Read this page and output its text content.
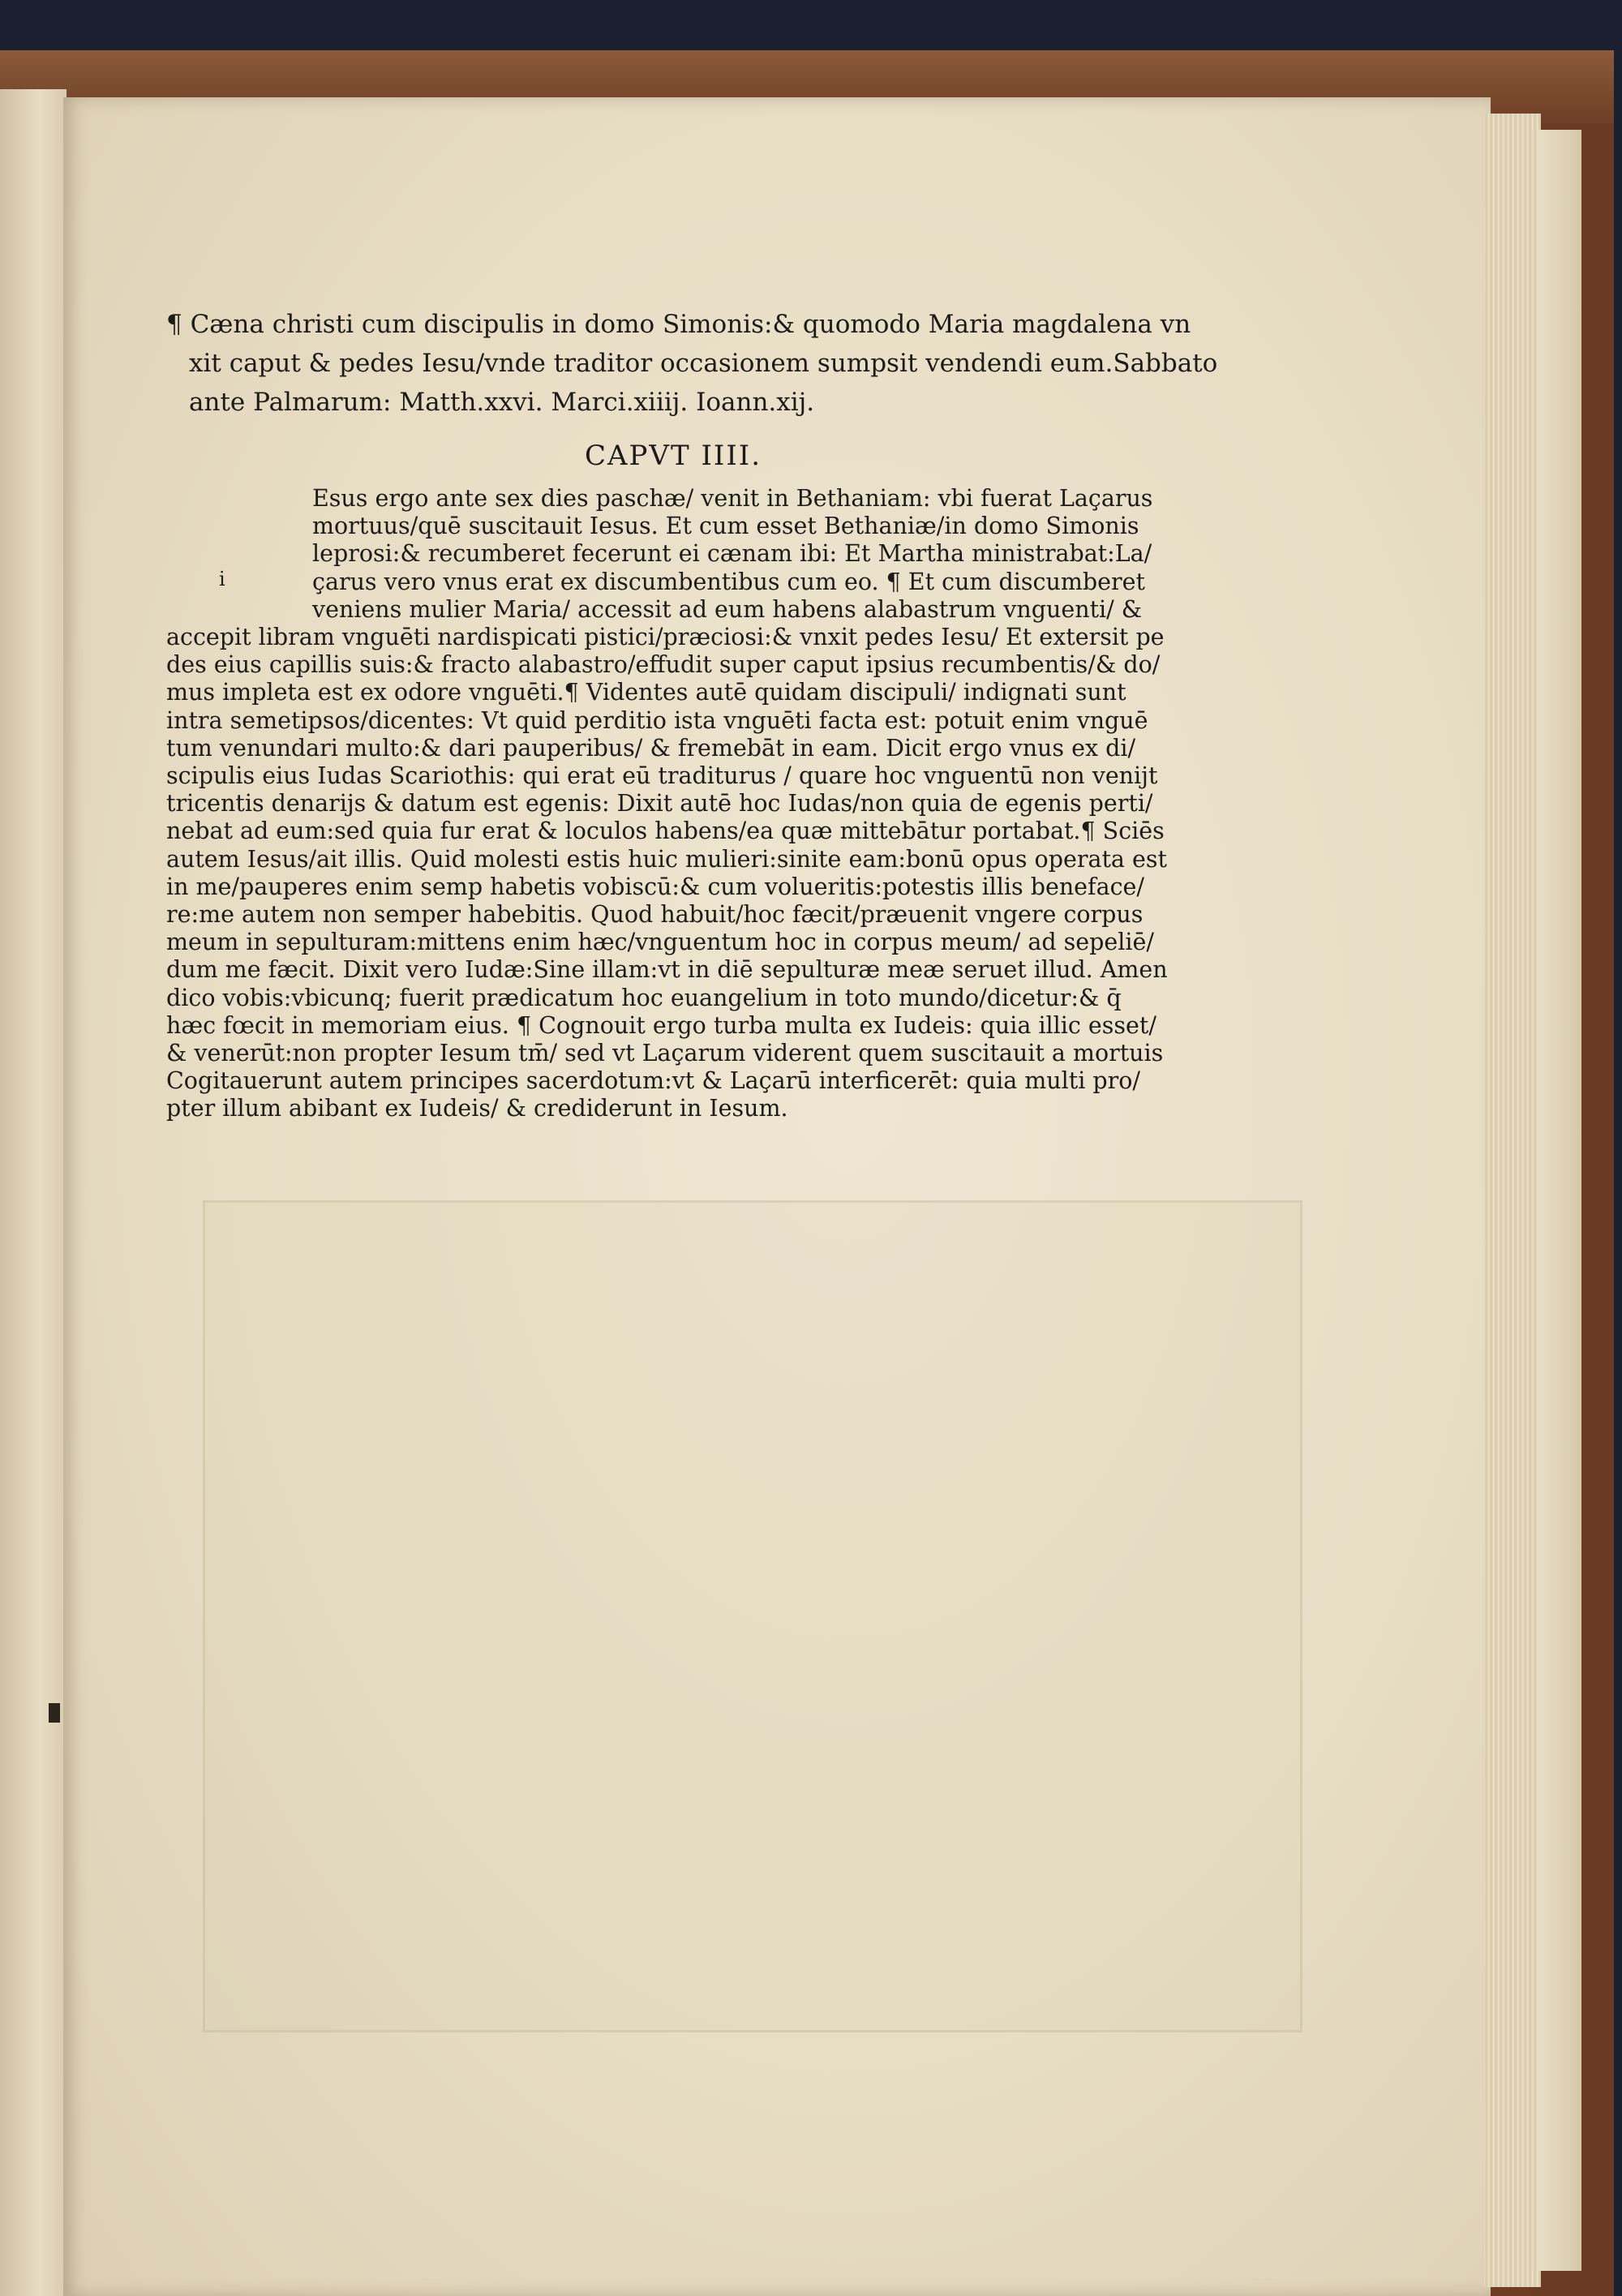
i
¶ Cæna christi cum discipulis in domo Simonis:& quomodo Maria magdalena vn
xit caput & pedes Iesu/vnde traditor occasionem sumpsit vendendi eum.Sabbato
ante Palmarum: Matth.xxvi. Marci.xiiij. Ioann.xij.
CAPVT IIII.
Esus ergo ante sex dies paschæ/ venit in Bethaniam: vbi fuerat Laçarus
mortuus/quē suscitauit Iesus. Et cum esset Bethaniæ/in domo Simonis
leprosi:& recumberet fecerunt ei cænam ibi: Et Martha ministrabat:La/
çarus vero vnus erat ex discumbentibus cum eo. ¶ Et cum discumberet
veniens mulier Maria/ accessit ad eum habens alabastrum vnguenti/ &
accepit libram vnguēti nardispicati pistici/præciosi:& vnxit pedes Iesu/ Et extersit pe
des eius capillis suis:& fracto alabastro/effudit super caput ipsius recumbentis/& do/
mus impleta est ex odore vnguēti.¶ Videntes autē quidam discipuli/ indignati sunt
intra semetipsos/dicentes: Vt quid perditio ista vnguēti facta est: potuit enim vnguē
tum venundari multo:& dari pauperibus/ & fremebāt in eam. Dicit ergo vnus ex di/
scipulis eius Iudas Scariothis: qui erat eū traditurus / quare hoc vnguentū non venijt
tricentis denarijs & datum est egenis: Dixit autē hoc Iudas/non quia de egenis perti/
nebat ad eum:sed quia fur erat & loculos habens/ea quæ mittebātur portabat.¶ Sciēs
autem Iesus/ait illis. Quid molesti estis huic mulieri:sinite eam:bonū opus operata est
in me/pauperes enim semp habetis vobiscū:& cum volueritis:potestis illis beneface/
re:me autem non semper habebitis. Quod habuit/hoc fæcit/præuenit vngere corpus
meum in sepulturam:mittens enim hæc/vnguentum hoc in corpus meum/ ad sepeliē/
dum me fæcit. Dixit vero Iudæ:Sine illam:vt in diē sepulturæ meæ seruet illud. Amen
dico vobis:vbicunq; fuerit prædicatum hoc euangelium in toto mundo/dicetur:& q̄
hæc fœcit in memoriam eius. ¶ Cognouit ergo turba multa ex Iudeis: quia illic esset/
& venerūt:non propter Iesum tm̄/ sed vt Laçarum viderent quem suscitauit a mortuis
Cogitauerunt autem principes sacerdotum:vt & Laçarū interficerēt: quia multi pro/
pter illum abibant ex Iudeis/ & crediderunt in Iesum.
